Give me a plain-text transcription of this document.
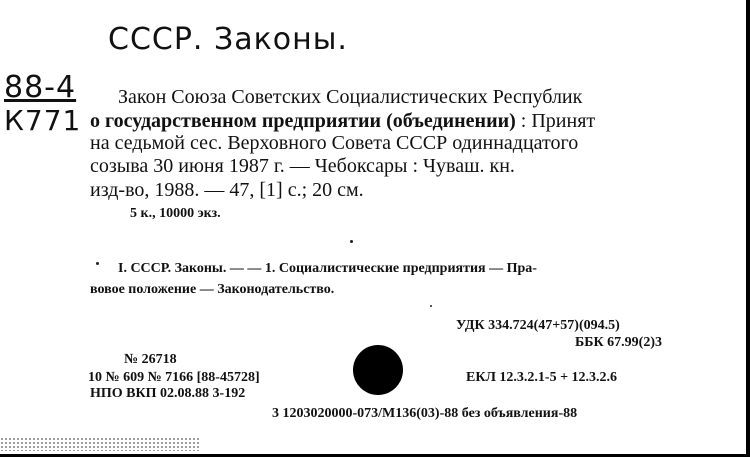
СССР. Законы.
88-4
К771
Закон Союза Советских Социалистических Республик
о государственном предприятии (объединении) : Принят
на седьмой сес. Верховного Совета СССР одиннадцатого
созыва 30 июня 1987 г. — Чебоксары : Чуваш. кн.
изд-во, 1988. — 47, [1] с.; 20 см.
5 к., 10000 экз.
I. СССР. Законы. — — 1. Социалистические предприятия — Пра-
вовое положение — Законодательство.
УДК 334.724(47+57)(094.5)
ББК 67.99(2)3
№ 26718
10 № 609 № 7166 [88-45728]	ЕКЛ 12.3.2.1-5 + 12.3.2.6
НПО ВКП 02.08.88 3-192
3 1203020000-073/М136(03)-88 без объявления-88
